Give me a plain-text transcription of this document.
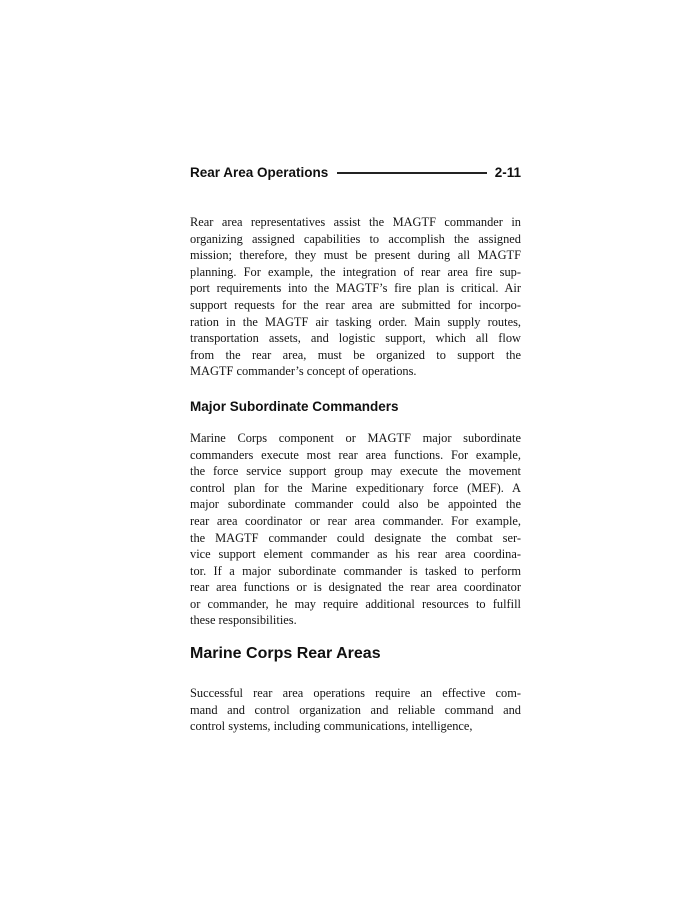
Rear Area Operations	2-11
Rear area representatives assist the MAGTF commander in
organizing assigned capabilities to accomplish the assigned
mission; therefore, they must be present during all MAGTF
planning. For example, the integration of rear area fire sup-
port requirements into the MAGTF’s fire plan is critical. Air
support requests for the rear area are submitted for incorpo-
ration in the MAGTF air tasking order. Main supply routes,
transportation assets, and logistic support, which all flow
from the rear area, must be organized to support the
MAGTF commander’s concept of operations.
Major Subordinate Commanders
Marine Corps component or MAGTF major subordinate
commanders execute most rear area functions. For example,
the force service support group may execute the movement
control plan for the Marine expeditionary force (MEF). A
major subordinate commander could also be appointed the
rear area coordinator or rear area commander. For example,
the MAGTF commander could designate the combat ser-
vice support element commander as his rear area coordina-
tor. If a major subordinate commander is tasked to perform
rear area functions or is designated the rear area coordinator
or commander, he may require additional resources to fulfill
these responsibilities.
Marine Corps Rear Areas
Successful rear area operations require an effective com-
mand and control organization and reliable command and
control systems, including communications, intelligence,
